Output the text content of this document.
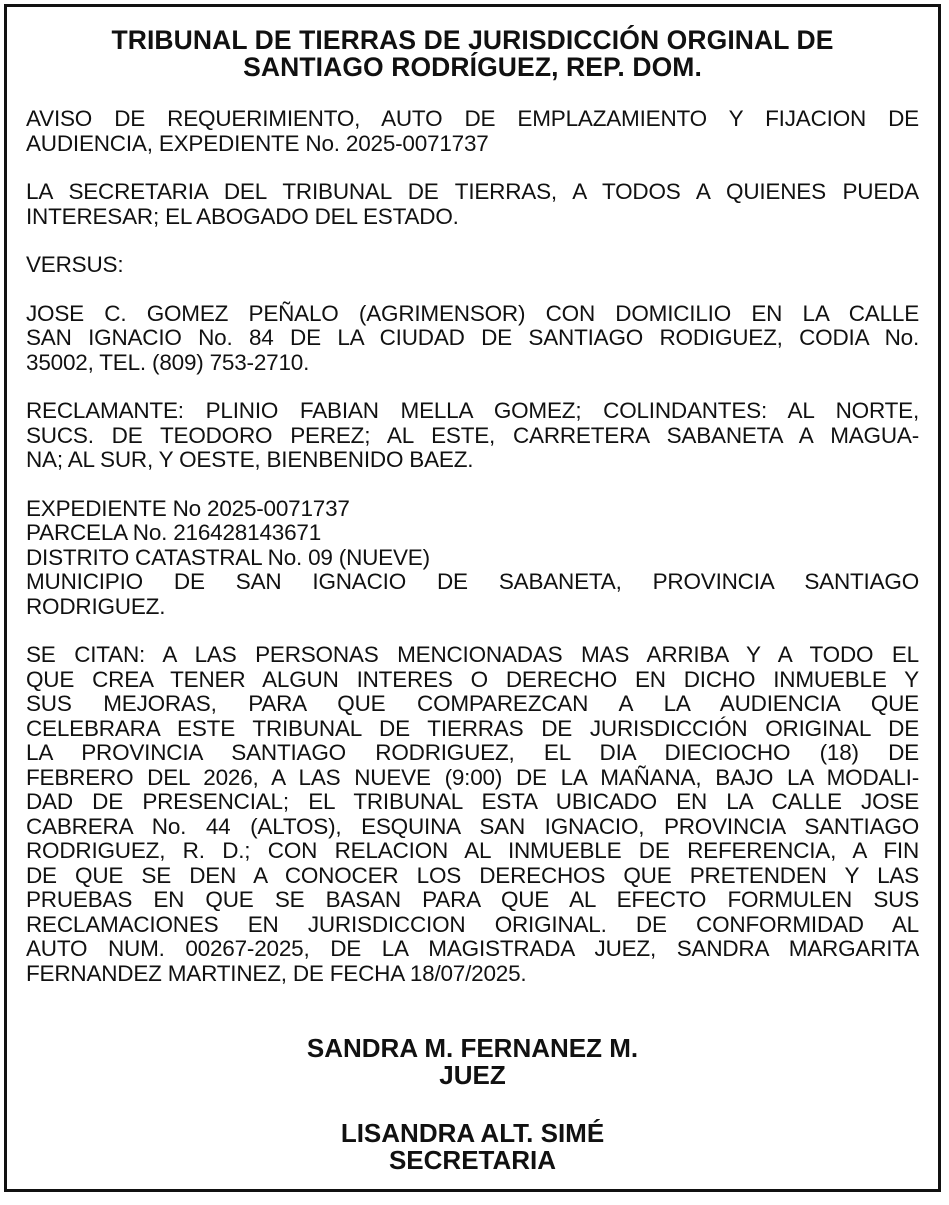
TRIBUNAL DE TIERRAS DE JURISDICCIÓN ORGINAL DE
SANTIAGO RODRÍGUEZ, REP. DOM.
AVISO DE REQUERIMIENTO, AUTO DE EMPLAZAMIENTO Y FIJACION DE
AUDIENCIA, EXPEDIENTE No. 2025-0071737
LA SECRETARIA DEL TRIBUNAL DE TIERRAS, A TODOS A QUIENES PUEDA
INTERESAR; EL ABOGADO DEL ESTADO.
VERSUS:
JOSE C. GOMEZ PEÑALO (AGRIMENSOR) CON DOMICILIO EN LA CALLE
SAN IGNACIO No. 84 DE LA CIUDAD DE SANTIAGO RODIGUEZ, CODIA No.
35002, TEL. (809) 753-2710.
RECLAMANTE: PLINIO FABIAN MELLA GOMEZ; COLINDANTES: AL NORTE,
SUCS. DE TEODORO PEREZ; AL ESTE, CARRETERA SABANETA A MAGUA-
NA; AL SUR, Y OESTE, BIENBENIDO BAEZ.
EXPEDIENTE No 2025-0071737
PARCELA No. 216428143671
DISTRITO CATASTRAL No. 09 (NUEVE)
MUNICIPIO DE SAN IGNACIO DE SABANETA, PROVINCIA SANTIAGO
RODRIGUEZ.
SE CITAN: A LAS PERSONAS MENCIONADAS MAS ARRIBA Y A TODO EL
QUE CREA TENER ALGUN INTERES O DERECHO EN DICHO INMUEBLE Y
SUS MEJORAS, PARA QUE COMPAREZCAN A LA AUDIENCIA QUE
CELEBRARA ESTE TRIBUNAL DE TIERRAS DE JURISDICCIÓN ORIGINAL DE
LA PROVINCIA SANTIAGO RODRIGUEZ, EL DIA DIECIOCHO (18) DE
FEBRERO DEL 2026, A LAS NUEVE (9:00) DE LA MAÑANA, BAJO LA MODALI-
DAD DE PRESENCIAL; EL TRIBUNAL ESTA UBICADO EN LA CALLE JOSE
CABRERA No. 44 (ALTOS), ESQUINA SAN IGNACIO, PROVINCIA SANTIAGO
RODRIGUEZ, R. D.; CON RELACION AL INMUEBLE DE REFERENCIA, A FIN
DE QUE SE DEN A CONOCER LOS DERECHOS QUE PRETENDEN Y LAS
PRUEBAS EN QUE SE BASAN PARA QUE AL EFECTO FORMULEN SUS
RECLAMACIONES EN JURISDICCION ORIGINAL. DE CONFORMIDAD AL
AUTO NUM. 00267-2025, DE LA MAGISTRADA JUEZ, SANDRA MARGARITA
FERNANDEZ MARTINEZ, DE FECHA 18/07/2025.
SANDRA M. FERNANEZ M.
JUEZ
LISANDRA ALT. SIMÉ
SECRETARIA
